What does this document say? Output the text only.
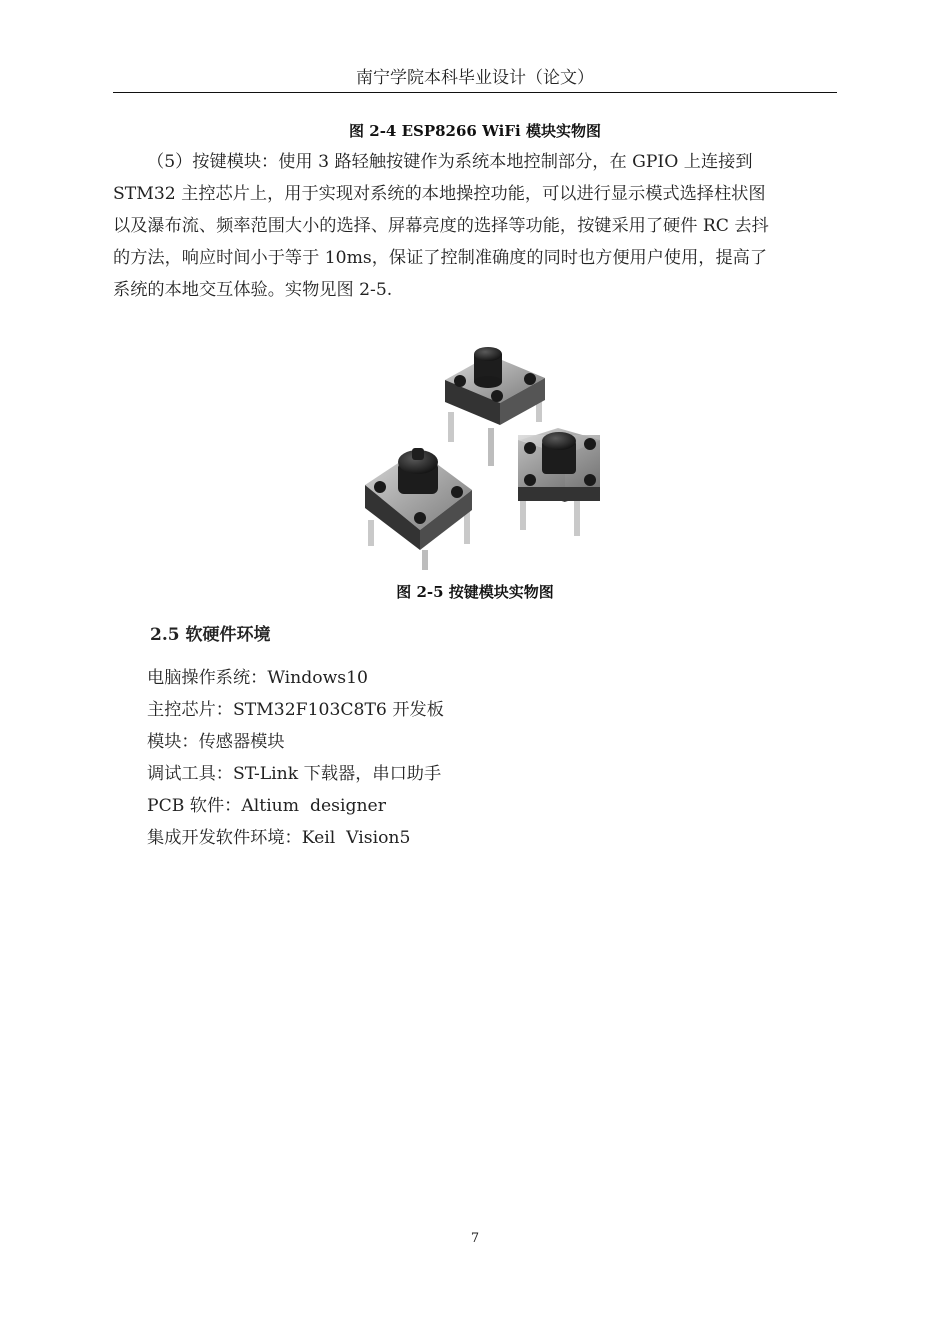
南宁学院本科毕业设计（论文）
图 2-4 ESP8266 WiFi 模块实物图
（5）按键模块：使用 3 路轻触按键作为系统本地控制部分，在 GPIO 上连接到
STM32 主控芯片上，用于实现对系统的本地操控功能，可以进行显示模式选择柱状图
以及瀑布流、频率范围大小的选择、屏幕亮度的选择等功能，按键采用了硬件 RC 去抖
的方法，响应时间小于等于 10ms，保证了控制准确度的同时也方便用户使用，提高了
系统的本地交互体验。实物见图 2-5.
图 2-5 按键模块实物图
2.5 软硬件环境
电脑操作系统：Windows10
主控芯片：STM32F103C8T6 开发板
模块：传感器模块
调试工具：ST-Link 下载器，串口助手
PCB 软件：Altium  designer
集成开发软件环境：Keil  Vision5
7
